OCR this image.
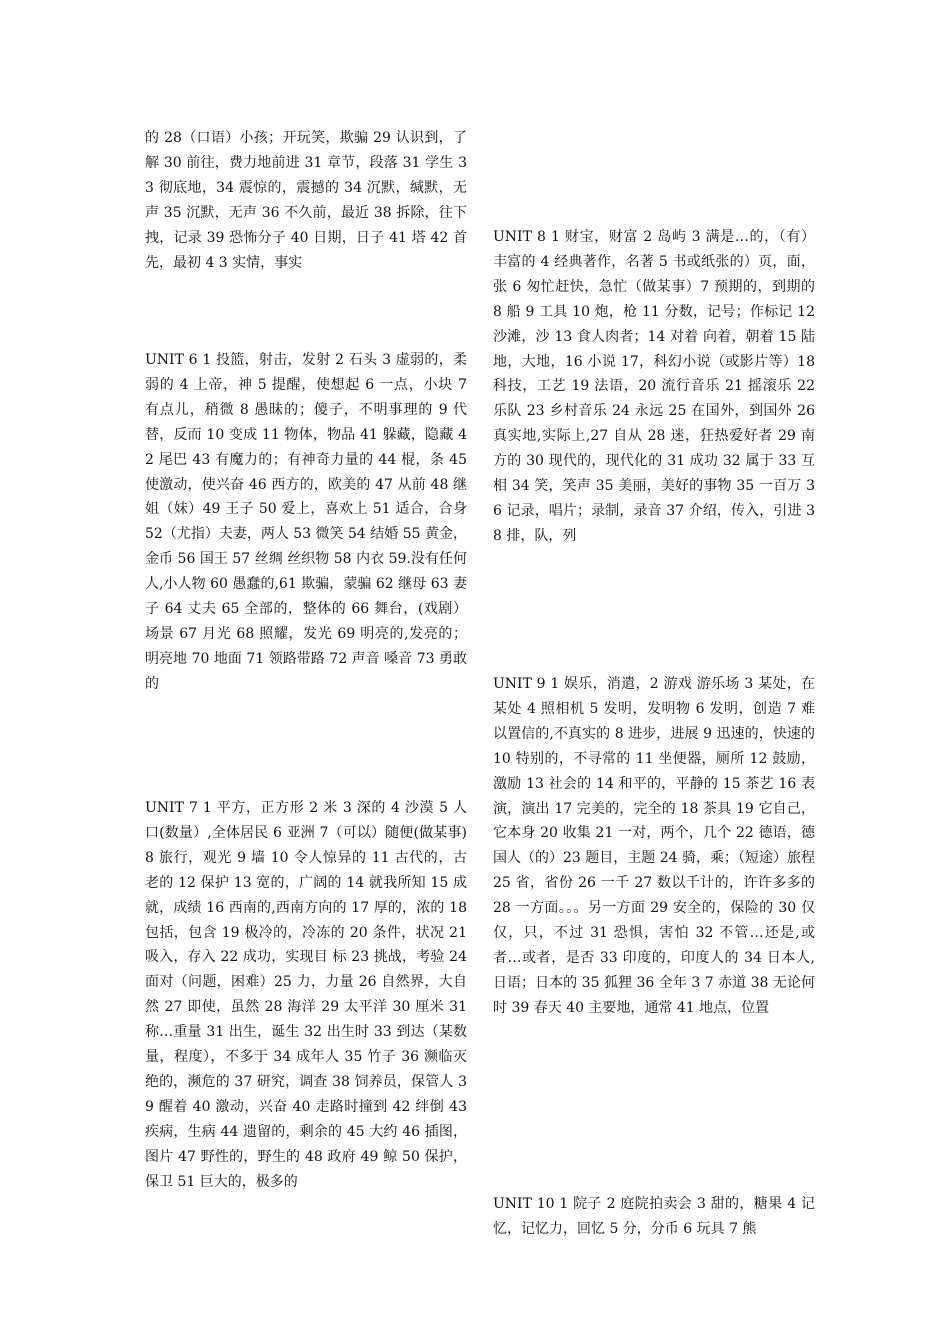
的 28（口语）小孩；开玩笑，欺骗 29 认识到，了解 30 前往，费力地前进 31 章节，段落 31 学生 33 彻底地，34 震惊的，震撼的 34 沉默，缄默，无声 35 沉默，无声 36 不久前，最近 38 拆除，往下拽，记录 39 恐怖分子 40 日期，日子 41 塔 42 首先，最初 4 3 实情，事实

UNIT 6 1 投篮，射击，发射 2 石头 3 虚弱的，柔弱的 4 上帝，神 5 提醒，使想起 6 一点，小块 7 有点儿，稍微 8 愚昧的；傻子，不明事理的 9 代替，反而 10 变成 11 物体，物品 41 躲藏，隐藏 42 尾巴 43 有魔力的；有神奇力量的 44 棍，条 45 使激动，使兴奋 46 西方的，欧美的 47 从前 48 继姐（妹）49 王子 50 爱上，喜欢上 51 适合，合身 52（尤指）夫妻，两人 53 微笑 54 结婚 55 黄金，金币 56 国王 57 丝绸 丝织物 58 内衣 59.没有任何人,小人物 60 愚蠢的,61 欺骗，蒙骗 62 继母 63 妻子 64 丈夫 65 全部的，整体的 66 舞台，(戏剧）场景 67 月光 68 照耀，发光 69 明亮的,发亮的；明亮地 70 地面 71 领路带路 72 声音 嗓音 73 勇敢的

UNIT 7 1 平方，正方形 2 米 3 深的 4 沙漠 5 人口(数量）,全体居民 6 亚洲 7（可以）随便(做某事)8 旅行，观光 9 墙 10 令人惊异的 11 古代的，古老的 12 保护 13 宽的，广阔的 14 就我所知 15 成就，成绩 16 西南的,西南方向的 17 厚的，浓的 18 包括，包含 19 极冷的，冷冻的 20 条件，状况 21 吸入，存入 22 成功，实现目 标 23 挑战，考验 24 面对（问题，困难）25 力，力量 26 自然界，大自然 27 即使，虽然 28 海洋 29 太平洋 30 厘米 31 称…重量 31 出生，诞生 32 出生时 33 到达（某数量，程度），不多于 34 成年人 35 竹子 36 濒临灭绝的，濒危的 37 研究，调查 38 饲养员，保管人 39 醒着 40 激动，兴奋 40 走路时撞到 42 绊倒 43 疾病，生病 44 遗留的，剩余的 45 大约 46 插图，图片 47 野性的，野生的 48 政府 49 鲸 50 保护，保卫 51 巨大的，极多的

UNIT 8 1 财宝，财富 2 岛屿 3 满是…的，（有）丰富的 4 经典著作，名著 5 书或纸张的）页，面，张 6 匆忙赶快，急忙（做某事）7 预期的，到期的 8 船 9 工具 10 炮，枪 11 分数，记号；作标记 12 沙滩，沙 13 食人肉者；14 对着 向着，朝着 15 陆地，大地，16 小说 17，科幻小说（或影片等）18 科技，工艺 19 法语，20 流行音乐 21 摇滚乐 22 乐队 23 乡村音乐 24 永远 25 在国外，到国外 26 真实地,实际上,27 自从 28 迷，狂热爱好者 29 南方的 30 现代的，现代化的 31 成功 32 属于 33 互相 34 笑，笑声 35 美丽，美好的事物 35 一百万 36 记录，唱片；录制，录音 37 介绍，传入，引进 38 排，队，列

UNIT 9 1 娱乐，消遣，2 游戏 游乐场 3 某处，在某处 4 照相机 5 发明，发明物 6 发明，创造 7 难以置信的,不真实的 8 进步，进展 9 迅速的，快速的 10 特别的，不寻常的 11 坐便器，厕所 12 鼓励，激励 13 社会的 14 和平的，平静的 15 茶艺 16 表演，演出 17 完美的，完全的 18 茶具 19 它自己，它本身 20 收集 21 一对，两个，几个 22 德语，德国人（的）23 题目，主题 24 骑，乘；（短途）旅程 25 省，省份 26 一千 27 数以千计的，许许多多的 28 一方面。。。另一方面 29 安全的，保险的 30 仅仅，只，不过 31 恐惧，害怕 32 不管…还是,或者…或者，是否 33 印度的，印度人的 34 日本人,日语；日本的 35 狐狸 36 全年 3 7 赤道 38 无论何时 39 春天 40 主要地，通常 41 地点，位置

UNIT 10 1 院子 2 庭院拍卖会 3 甜的，糖果 4 记忆，记忆力，回忆 5 分，分币 6 玩具 7 熊
